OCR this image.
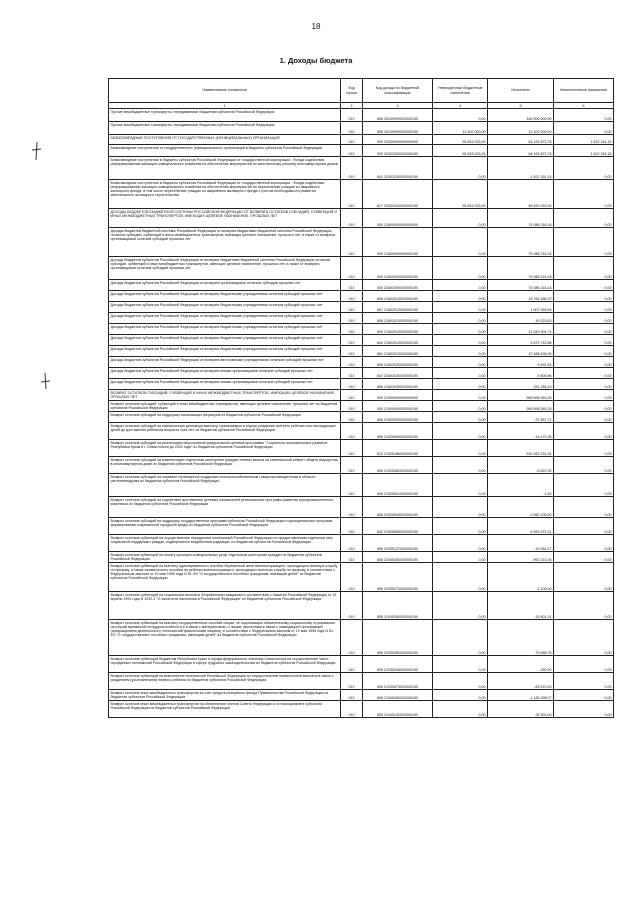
18
1. Доходы бюджета
Наименование показателя	Код строки	Код дохода по бюджетной классификации	Утвержденные бюджетные назначения	Исполнено	Неисполненные назначения
1	2	3	4	5	6
Прочие межбюджетные трансферты, передаваемые бюджетам субъектов Российской Федерации	010	806 20249999020000150	0,00	180 000 000,00	0,00
Прочие межбюджетные трансферты, передаваемые бюджетам субъектов Российской Федерации	010	855 20249999020000150	12 402 000,00	12 402 000,00	0,00
БЕЗВОЗМЕЗДНЫЕ ПОСТУПЛЕНИЯ ОТ ГОСУДАРСТВЕННЫХ (МУНИЦИПАЛЬНЫХ) ОРГАНИЗАЦИЙ	010	000 20300000000000000	65 815 033,93	64 192 872,78	1 622 161,15
Безвозмездные поступления от государственных (муниципальных) организаций в бюджеты субъектов Российской Федерации	010	000 20302000020000150	65 815 033,93	64 192 872,78	1 622 161,15
Безвозмездные поступления в бюджеты субъектов Российской Федерации от государственной корпорации - Фонда содействия реформированию жилищно-коммунального хозяйства на обеспечение мероприятий по капитальному ремонту многоквартирных домов	010	842 20302030020000150	0,00	-1 622 161,15	0,00
Безвозмездные поступления в бюджеты субъектов Российской Федерации от государственной корпорации - Фонда содействия реформированию жилищно-коммунального хозяйства на обеспечение мероприятий по переселению граждан из аварийного жилищного фонда, в том числе переселению граждан из аварийного жилищного фонда с учетом необходимости развития малоэтажного жилищного строительства	010	817 20302040020000150	65 815 033,93	65 815 033,93	0,00
ДОХОДЫ БЮДЖЕТОВ БЮДЖЕТНОЙ СИСТЕМЫ РОССИЙСКОЙ ФЕДЕРАЦИИ ОТ ВОЗВРАТА ОСТАТКОВ СУБСИДИЙ, СУБВЕНЦИЙ И ИНЫХ МЕЖБЮДЖЕТНЫХ ТРАНСФЕРТОВ, ИМЕЮЩИХ ЦЕЛЕВОЕ НАЗНАЧЕНИЕ, ПРОШЛЫХ ЛЕТ	010	000 21800000000000000	0,00	75 086 216,18	0,00
Доходы бюджетов бюджетной системы Российской Федерации от возврата бюджетами бюджетной системы Российской Федерации остатков субсидий, субвенций и иных межбюджетных трансфертов, имеющих целевое назначение, прошлых лет, а также от возврата организациями остатков субсидий прошлых лет	010	000 21800000000000150	0,00	75 086 216,18	0,00
Доходы бюджетов субъектов Российской Федерации от возврата бюджетами бюджетной системы Российской Федерации остатков субсидий, субвенций и иных межбюджетных трансфертов, имеющих целевое назначение, прошлых лет, а также от возврата организациями остатков субсидий прошлых лет	010	000 21800000020000150	0,00	75 086 216,18	0,00
Доходы бюджетов субъектов Российской Федерации от возврата организациями остатков субсидий прошлых лет	010	000 21802000020000150	0,00	75 086 216,18	0,00
Доходы бюджетов субъектов Российской Федерации от возврата бюджетными учреждениями остатков субсидий прошлых лет	010	806 21802010020000150	0,00	18 762 186,37	0,00
Доходы бюджетов субъектов Российской Федерации от возврата бюджетными учреждениями остатков субсидий прошлых лет	010	807 21802010020000150	0,00	1 007 069,63	0,00
Доходы бюджетов субъектов Российской Федерации от возврата бюджетными учреждениями остатков субсидий прошлых лет	010	808 21802010020000150	0,00	49 323,63	0,00
Доходы бюджетов субъектов Российской Федерации от возврата бюджетными учреждениями остатков субсидий прошлых лет	010	809 21802010020000150	0,00	21 549 904,74	0,00
Доходы бюджетов субъектов Российской Федерации от возврата бюджетными учреждениями остатков субсидий прошлых лет	010	842 21802010020000150	0,00	5 872 742,88	0,00
Доходы бюджетов субъектов Российской Федерации от возврата бюджетными учреждениями остатков субсидий прошлых лет	010	861 21802010020000150	0,00	27 488 406,26	0,00
Доходы бюджетов субъектов Российской Федерации от возврата автономными учреждениями остатков субсидий прошлых лет	010	808 21802020020000150	0,00	9 491,53	0,00
Доходы бюджетов субъектов Российской Федерации от возврата иными организациями остатков субсидий прошлых лет	010	847 21802030020000150	0,00	5 806,96	0,00
Доходы бюджетов субъектов Российской Федерации от возврата иными организациями остатков субсидий прошлых лет	010	860 21802030020000150	0,00	331 284,19	0,00
ВОЗВРАТ ОСТАТКОВ СУБСИДИЙ, СУБВЕНЦИЙ И ИНЫХ МЕЖБЮДЖЕТНЫХ ТРАНСФЕРТОВ, ИМЕЮЩИХ ЦЕЛЕВОЕ НАЗНАЧЕНИЕ, ПРОШЛЫХ ЛЕТ	010	000 21900000000000000	0,00	-369 598 546,25	0,00
Возврат остатков субсидий, субвенций и иных межбюджетных трансфертов, имеющих целевое назначение, прошлых лет из бюджетов субъектов Российской Федерации	010	000 21900000020000150	0,00	-369 598 546,25	0,00
Возврат остатков субсидий на поддержку начинающих фермеров из бюджетов субъектов Российской Федерации	010	836 21925053020000150	0,00	-37 557,71	0,00
Возврат остатков субсидий на ежемесячную денежную выплату, назначаемую в случае рождения третьего ребенка или последующих детей до достижения ребенком возраста трех лет, из бюджетов субъектов Российской Федерации	010	855 21925084020000150	0,00	-16 475,36	0,00
Возврат остатков субсидий на реализацию мероприятий федеральной целевой программы "Социально-экономическое развитие Республики Крым и г. Севастополя до 2020 года" из бюджетов субъектов Российской Федерации	010	812 21925186020000150	0,00	-330 262 231,92	0,00
Возврат остатков субсидий на компенсацию отдельным категориям граждан оплаты взноса на капитальный ремонт общего имущества в многоквартирном доме из бюджетов субъектов Российской Федерации	010	855 21925462020000150	0,00	-5 622,39	0,00
Возврат остатков субсидий на оказание несвязанной поддержки сельскохозяйственным товаропроизводителям в области растениеводства из бюджетов субъектов Российской Федерации	010	836 21925541020000150	0,00	-1,50	0,00
Возврат остатков субсидий на содействие достижению целевых показателей региональных программ развития агропромышленного комплекса из бюджетов субъектов Российской Федерации	010	836 21925543020000150	0,00	-3 950 100,00	0,00
Возврат остатков субсидий на поддержку государственных программ субъектов Российской Федерации и муниципальных программ формирования современной городской среды из бюджетов субъектов Российской Федерации	010	842 21925555020000150	0,00	-5 553 972,31	0,00
Возврат остатков субвенций на осуществление переданных полномочий Российской Федерации по предоставлению отдельных мер социальной поддержки граждан, подвергшихся воздействию радиации, из бюджетов субъектов Российской Федерации	010	855 21935137020000150	0,00	-19 084,27	0,00
Возврат остатков субвенций на оплату жилищно-коммунальных услуг отдельным категориям граждан из бюджетов субъектов Российской Федерации	010	855 21935250020000150	0,00	-992 213,36	0,00
Возврат остатков субвенций на выплату единовременного пособия беременной жене военнослужащего, проходящего военную службу по призыву, а также ежемесячного пособия на ребенка военнослужащего, проходящего военную службу по призыву, в соответствии с Федеральным законом от 19 мая 1995 года N 81-ФЗ "О государственных пособиях гражданам, имеющим детей" из бюджетов субъектов Российской Федерации	010	855 21935270020000150	0,00	-2 100,00	0,00
Возврат остатков субвенций на социальные выплаты безработным гражданам в соответствии с Законом Российской Федерации от 19 апреля 1991 года N 1032-1 "О занятости населения в Российской Федерации" из бюджетов субъектов Российской Федерации	010	855 21935290020000150	0,00	-15 501,31	0,00
Возврат остатков субвенций на выплату государственных пособий лицам, не подлежащим обязательному социальному страхованию на случай временной нетрудоспособности и в связи с материнством, и лицам, уволенным в связи с ликвидацией организаций (прекращением деятельности, полномочий физическими лицами), в соответствии с Федеральным законом от 19 мая 1995 года N 81-ФЗ "О государственных пособиях гражданам, имеющим детей" из бюджетов субъектов Российской Федерации	010	855 21935380020000150	0,00	-79 568,75	0,00
Возврат остатков субвенций бюджетам Республики Крым и города федерального значения Севастополя на осуществление части переданных полномочий Российской Федерации в сфере трудового законодательства из бюджетов субъектов Российской Федерации	010	835 21935436020000150	0,00	-250,00	0,00
Возврат остатков субвенций на выполнение полномочий Российской Федерации по осуществлению ежемесячной выплаты в связи с рождением (усыновлением) первого ребенка из бюджетов субъектов Российской Федерации	010	855 21935573020000150	0,00	-83 870,00	0,00
Возврат остатков иных межбюджетных трансфертов за счет средств резервного фонда Правительства Российской Федерации из бюджетов субъектов Российской Федерации	010	806 21945160020000150	0,00	-1 185 398,07	0,00
Возврат остатков иных межбюджетных трансфертов на обеспечение членов Совета Федерации и их помощников в субъектах Российской Федерации из бюджетов субъектов Российской Федерации	010	853 21945142020000150	0,00	-25 301,00	0,00
